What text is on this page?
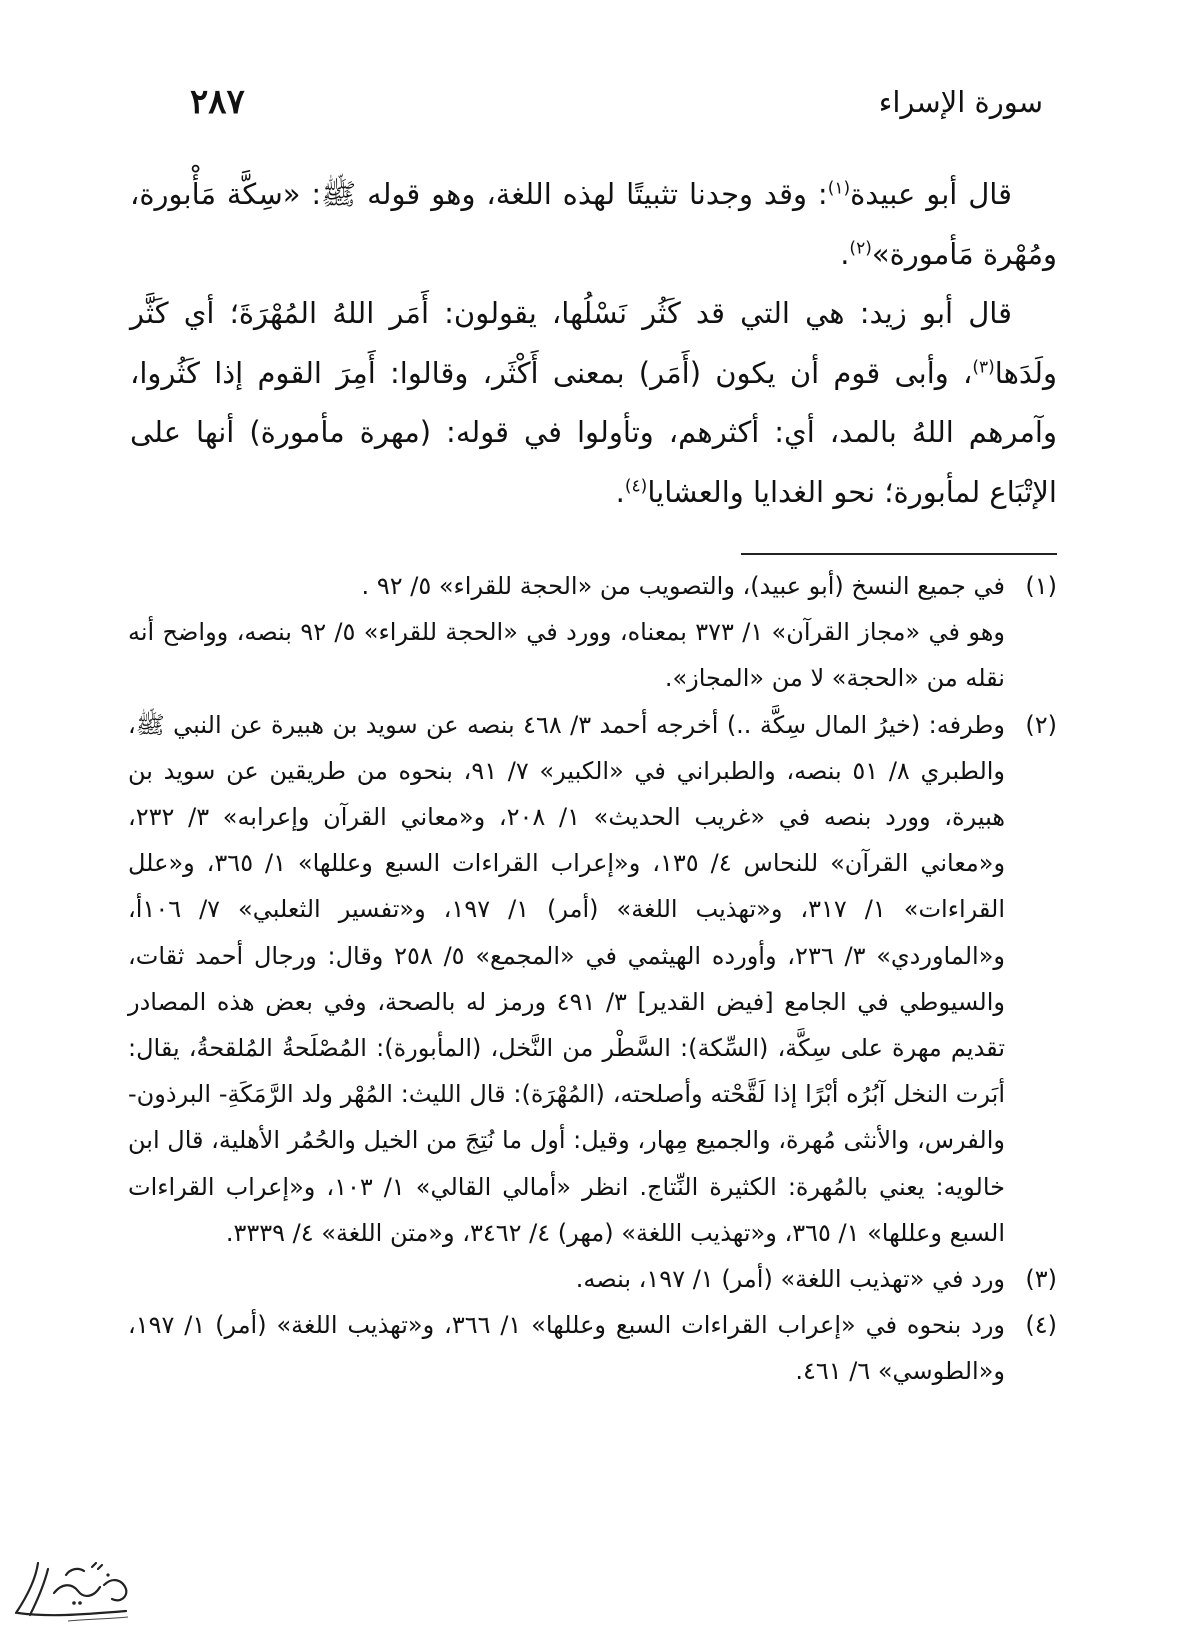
سورة الإسراء
٢٨٧

قال أبو عبيدة$^{(١)}$: وقد وجدنا تثبيتًا لهذه اللغة، وهو قوله ﷺ: «سِكَّة مَأْبورة، ومُهْرة مَأمورة»$^{(٢)}$.

قال أبو زيد: هي التي قد كَثُر نَسْلُها، يقولون: أَمَر اللهُ المُهْرَةَ؛ أي كَثَّر ولَدَها$^{(٣)}$، وأبى قوم أن يكون (أَمَر) بمعنى أَكْثَر، وقالوا: أَمِرَ القوم إذا كَثُروا، وآمرهم اللهُ بالمد، أي: أكثرهم، وتأولوا في قوله: (مهرة مأمورة) أنها على الإتْبَاع لمأبورة؛ نحو الغدايا والعشايا$^{(٤)}$.

(١)

في جميع النسخ (أبو عبيد)، والتصويب من «الحجة للقراء» ٥/ ٩٢ .

وهو في «مجاز القرآن» ١/ ٣٧٣ بمعناه، وورد في «الحجة للقراء» ٥/ ٩٢ بنصه، وواضح أنه نقله من «الحجة» لا من «المجاز».

(٢)

وطرفه: (خيرُ المال سِكَّة ..) أخرجه أحمد ٣/ ٤٦٨ بنصه عن سويد بن هبيرة عن النبي ﷺ، والطبري ٨/ ٥١ بنصه، والطبراني في «الكبير» ٧/ ٩١، بنحوه من طريقين عن سويد بن هبيرة، وورد بنصه في «غريب الحديث» ١/ ٢٠٨، و«معاني القرآن وإعرابه» ٣/ ٢٣٢، و«معاني القرآن» للنحاس ٤/ ١٣٥، و«إعراب القراءات السبع وعللها» ١/ ٣٦٥، و«علل القراءات» ١/ ٣١٧، و«تهذيب اللغة» (أمر) ١/ ١٩٧، و«تفسير الثعلبي» ٧/ ١٠٦أ، و«الماوردي» ٣/ ٢٣٦، وأورده الهيثمي في «المجمع» ٥/ ٢٥٨ وقال: ورجال أحمد ثقات، والسيوطي في الجامع [فيض القدير] ٣/ ٤٩١ ورمز له بالصحة، وفي بعض هذه المصادر تقديم مهرة على سِكَّة، (السِّكة): السَّطْر من النَّخل، (المأبورة): المُصْلَحةُ المُلقحةُ، يقال: أبَرت النخل آبُرُه أبْرًا إذا لَقَّحْته وأصلحته، (المُهْرَة): قال الليث: المُهْر ولد الرَّمَكَةِ- البرذون- والفرس، والأنثى مُهرة، والجميع مِهار، وقيل: أول ما نُتِجَ من الخيل والحُمُر الأهلية، قال ابن خالويه: يعني بالمُهرة: الكثيرة النِّتاج. انظر «أمالي القالي» ١/ ١٠٣، و«إعراب القراءات السبع وعللها» ١/ ٣٦٥، و«تهذيب اللغة» (مهر) ٤/ ٣٤٦٢، و«متن اللغة» ٤/ ٣٣٣٩.

(٣)

ورد في «تهذيب اللغة» (أمر) ١/ ١٩٧، بنصه.

(٤)

ورد بنحوه في «إعراب القراءات السبع وعللها» ١/ ٣٦٦، و«تهذيب اللغة» (أمر) ١/ ١٩٧، و«الطوسي» ٦/ ٤٦١.
